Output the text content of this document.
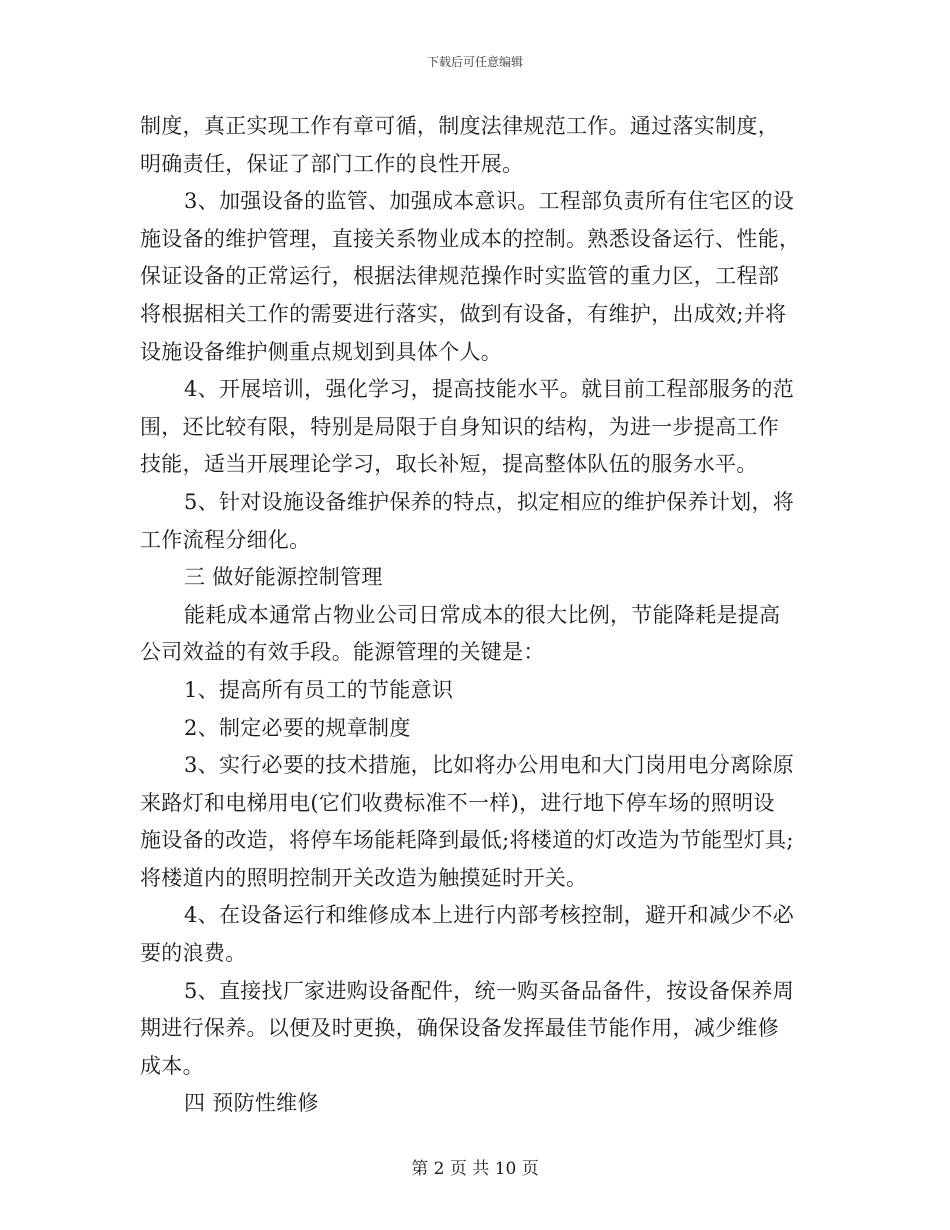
下载后可任意编辑
制度，真正实现工作有章可循，制度法律规范工作。通过落实制度，
明确责任，保证了部门工作的良性开展。
3、加强设备的监管、加强成本意识。工程部负责所有住宅区的设
施设备的维护管理，直接关系物业成本的控制。熟悉设备运行、性能，
保证设备的正常运行，根据法律规范操作时实监管的重力区，工程部
将根据相关工作的需要进行落实，做到有设备，有维护，出成效;并将
设施设备维护侧重点规划到具体个人。
4、开展培训，强化学习，提高技能水平。就目前工程部服务的范
围，还比较有限，特别是局限于自身知识的结构，为进一步提高工作
技能，适当开展理论学习，取长补短，提高整体队伍的服务水平。
5、针对设施设备维护保养的特点，拟定相应的维护保养计划，将
工作流程分细化。
三 做好能源控制管理
能耗成本通常占物业公司日常成本的很大比例，节能降耗是提高
公司效益的有效手段。能源管理的关键是：
1、提高所有员工的节能意识
2、制定必要的规章制度
3、实行必要的技术措施，比如将办公用电和大门岗用电分离除原
来路灯和电梯用电(它们收费标准不一样)，进行地下停车场的照明设
施设备的改造，将停车场能耗降到最低;将楼道的灯改造为节能型灯具;
将楼道内的照明控制开关改造为触摸延时开关。
4、在设备运行和维修成本上进行内部考核控制，避开和减少不必
要的浪费。
5、直接找厂家进购设备配件，统一购买备品备件，按设备保养周
期进行保养。以便及时更换，确保设备发挥最佳节能作用，减少维修
成本。
四 预防性维修
第 2 页 共 10 页
